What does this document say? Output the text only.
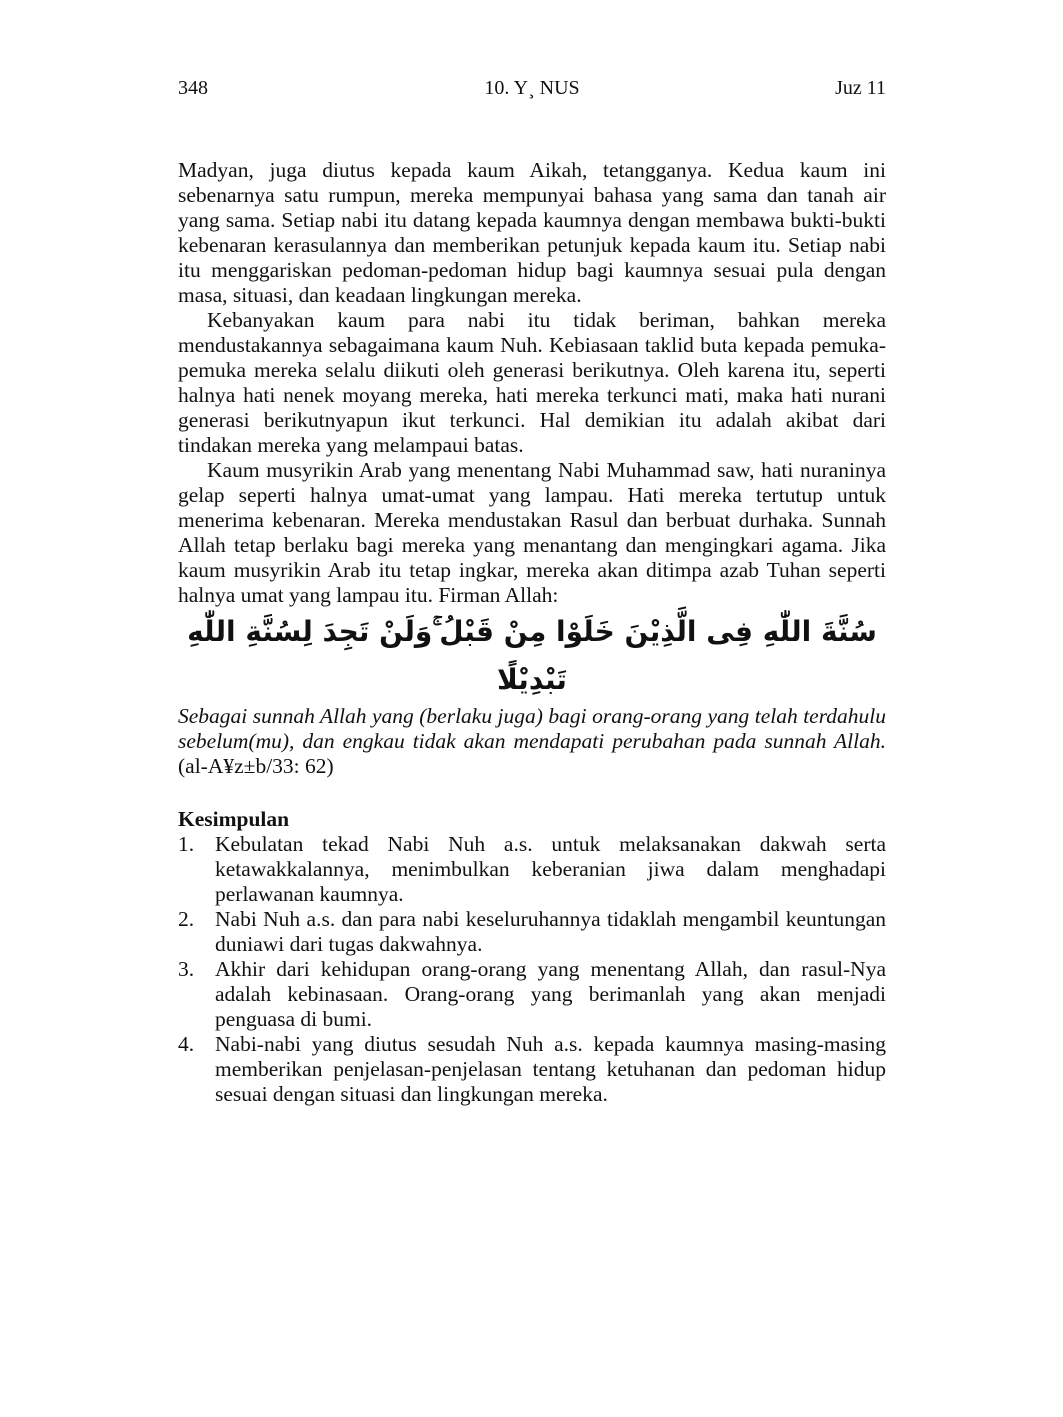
348	10. Y¸ NUS	Juz 11

Madyan, juga diutus kepada kaum Aikah, tetangganya. Kedua kaum ini sebenarnya satu rumpun, mereka mempunyai bahasa yang sama dan tanah air yang sama. Setiap nabi itu datang kepada kaumnya dengan membawa bukti-bukti kebenaran kerasulannya dan memberikan petunjuk kepada kaum itu. Setiap nabi itu menggariskan pedoman-pedoman hidup bagi kaumnya sesuai pula dengan masa, situasi, dan keadaan lingkungan mereka.

Kebanyakan kaum para nabi itu tidak beriman, bahkan mereka mendustakannya sebagaimana kaum Nuh. Kebiasaan taklid buta kepada pemuka-pemuka mereka selalu diikuti oleh generasi berikutnya. Oleh karena itu, seperti halnya hati nenek moyang mereka, hati mereka terkunci mati, maka hati nurani generasi berikutnyapun ikut terkunci. Hal demikian itu adalah akibat dari tindakan mereka yang melampaui batas.

Kaum musyrikin Arab yang menentang Nabi Muhammad saw, hati nuraninya gelap seperti halnya umat-umat yang lampau. Hati mereka tertutup untuk menerima kebenaran. Mereka mendustakan Rasul dan berbuat durhaka. Sunnah Allah tetap berlaku bagi mereka yang menantang dan mengingkari agama. Jika kaum musyrikin Arab itu tetap ingkar, mereka akan ditimpa azab Tuhan seperti halnya umat yang lampau itu. Firman Allah:

سُنَّةَ اللّٰهِ فِى الَّذِيْنَ خَلَوْا مِنْ قَبْلُ ۚوَلَنْ تَجِدَ لِسُنَّةِ اللّٰهِ تَبْدِيْلًا

Sebagai sunnah Allah yang (berlaku juga) bagi orang-orang yang telah terdahulu sebelum(mu), dan engkau tidak akan mendapati perubahan pada sunnah Allah. (al-A¥z±b/33: 62)

Kesimpulan
1. Kebulatan tekad Nabi Nuh a.s. untuk melaksanakan dakwah serta ketawakkalannya, menimbulkan keberanian jiwa dalam menghadapi perlawanan kaumnya.
2. Nabi Nuh a.s. dan para nabi keseluruhannya tidaklah mengambil keuntungan duniawi dari tugas dakwahnya.
3. Akhir dari kehidupan orang-orang yang menentang Allah, dan rasul-Nya adalah kebinasaan. Orang-orang yang berimanlah yang akan menjadi penguasa di bumi.
4. Nabi-nabi yang diutus sesudah Nuh a.s. kepada kaumnya masing-masing memberikan penjelasan-penjelasan tentang ketuhanan dan pedoman hidup sesuai dengan situasi dan lingkungan mereka.
